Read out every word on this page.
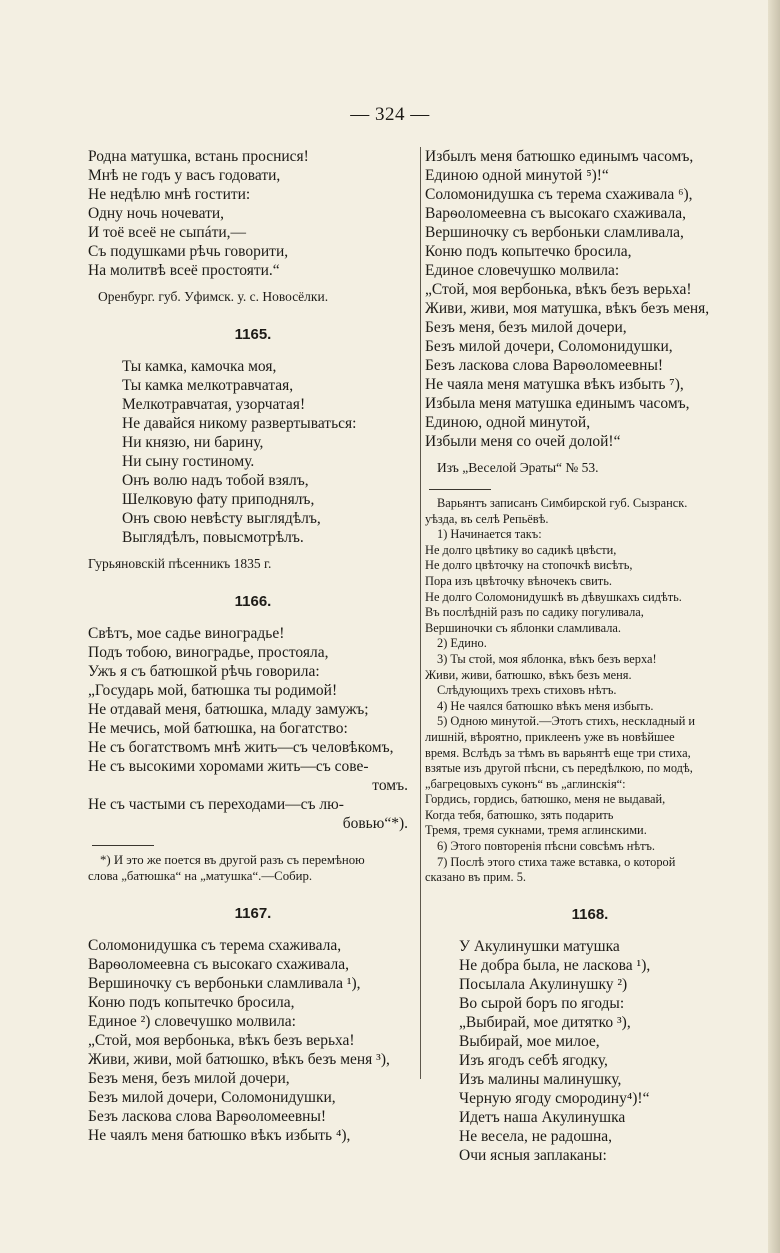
— 324 —
Родна матушка, встань проснися!
Мнѣ не годъ у васъ годовати,
Не недѣлю мнѣ гостити:
Одну ночь ночевати,
И тоё всеё не сыпáти,—
Съ подушками рѣчь говорити,
На молитвѣ всеё простояти.“
Оренбург. губ. Уфимск. у. с. Новосёлки.
1165.
Ты камка, камочка моя,
Ты камка мелкотравчатая,
Мелкотравчатая, узорчатая!
Не давайся никому развертываться:
Ни князю, ни барину,
Ни сыну гостиному.
Онъ волю надъ тобой взялъ,
Шелковую фату приподнялъ,
Онъ свою невѣсту выглядѣлъ,
Выглядѣлъ, повысмотрѣлъ.
Гурьяновскій пѣсенникъ 1835 г.
1166.
Свѣтъ, мое садье виноградье!
Подъ тобою, виноградье, простояла,
Ужъ я съ батюшкой рѣчь говорила:
„Государь мой, батюшка ты родимой!
Не отдавай меня, батюшка, младу замужъ;
Не мечись, мой батюшка, на богатство:
Не съ богатствомъ мнѣ жить—съ человѣкомъ,
Не съ высокими хоромами жить—съ сове-
томъ.
Не съ частыми съ переходами—съ лю-
бовью“*).
*) И это же поется въ другой разъ съ перемѣною
слова „батюшка“ на „матушка“.—Собир.
1167.
Соломонидушка съ терема схаживала,
Варѳоломеевна съ высокаго схаживала,
Вершиночку съ вербоньки сламливала ¹),
Коню подъ копытечко бросила,
Единое ²) словечушко молвила:
„Стой, моя вербонька, вѣкъ безъ верьха!
Живи, живи, мой батюшко, вѣкъ безъ меня ³),
Безъ меня, безъ милой дочери,
Безъ милой дочери, Соломонидушки,
Безъ ласкова слова Варѳоломеевны!
Не чаялъ меня батюшко вѣкъ избыть ⁴),
Избылъ меня батюшко единымъ часомъ,
Единою одной минутой ⁵)!“
Соломонидушка съ терема схаживала ⁶),
Варѳоломеевна съ высокаго схаживала,
Вершиночку съ вербоньки сламливала,
Коню подъ копытечко бросила,
Единое словечушко молвила:
„Стой, моя вербонька, вѣкъ безъ верьха!
Живи, живи, моя матушка, вѣкъ безъ меня,
Безъ меня, безъ милой дочери,
Безъ милой дочери, Соломонидушки,
Безъ ласкова слова Варѳоломеевны!
Не чаяла меня матушка вѣкъ избыть ⁷),
Избыла меня матушка единымъ часомъ,
Единою, одной минутой,
Избыли меня со очей долой!“
Изъ „Веселой Эраты“ № 53.
Варьянтъ записанъ Симбирской губ. Сызранск.
уѣзда, въ селѣ Репьёвѣ.
1) Начинается такъ:
Не долго цвѣтику во садикѣ цвѣсти,
Не долго цвѣточку на стопочкѣ висѣть,
Пора изъ цвѣточку вѣночекъ свить.
Не долго Соломонидушкѣ въ дѣвушкахъ сидѣть.
Въ послѣдній разъ по садику погуливала,
Вершиночки съ яблонки сламливала.
2) Едино.
3) Ты стой, моя яблонка, вѣкъ безъ верха!
Живи, живи, батюшко, вѣкъ безъ меня.
Слѣдующихъ трехъ стиховъ нѣтъ.
4) Не чаялся батюшко вѣкъ меня избыть.
5) Одною минутой.—Этотъ стихъ, несклaдный и
лишній, вѣроятно, приклеенъ уже въ новѣйшее
время. Вслѣдъ за тѣмъ въ варьянтѣ еще три стиха,
взятые изъ другой пѣсни, съ передѣлкою, по модѣ,
„багрецовыхъ суконъ“ въ „аглинскія“:
Гордись, гордись, батюшко, меня не выдавай,
Когда тебя, батюшко, зять подарить
Тремя, тремя сукнами, тремя аглинскими.
6) Этого повторенія пѣсни совсѣмъ нѣтъ.
7) Послѣ этого стиха таже вставка, о которой
сказано въ прим. 5.
1168.
У Акулинушки матушка
Не добра была, не ласкова ¹),
Посылала Акулинушку ²)
Во сырой боръ по ягоды:
„Выбирай, мое дитятко ³),
Выбирай, мое милое,
Изъ ягодъ себѣ ягодку,
Изъ малины малинушку,
Черную ягоду смородину⁴)!“
Идетъ наша Акулинушка
Не весела, не радошна,
Очи ясныя заплаканы:
